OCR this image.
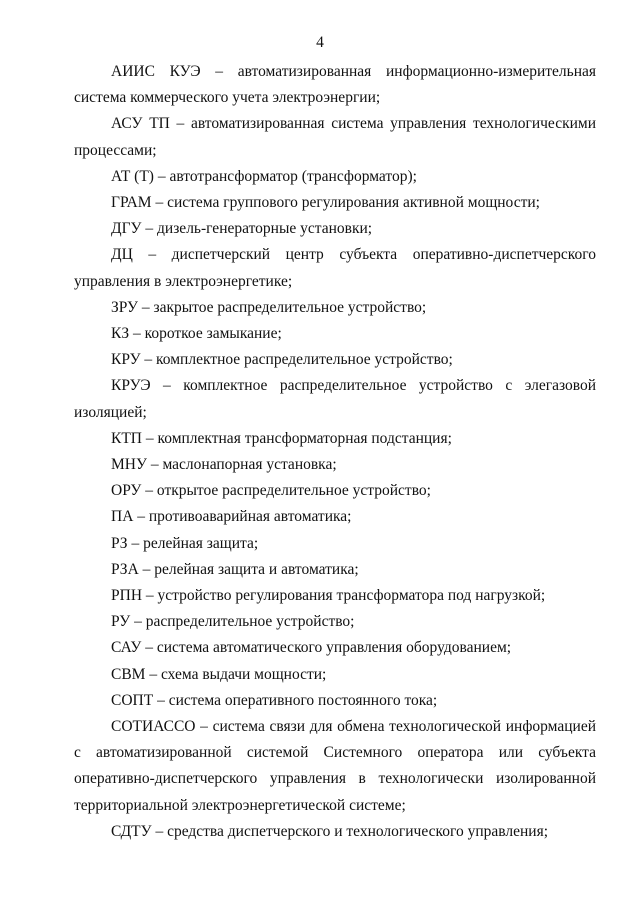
4

АИИС КУЭ – автоматизированная информационно-измерительная система коммерческого учета электроэнергии;

АСУ ТП – автоматизированная система управления технологическими процессами;

АТ (Т) – автотрансформатор (трансформатор);

ГРАМ – система группового регулирования активной мощности;

ДГУ – дизель-генераторные установки;

ДЦ – диспетчерский центр субъекта оперативно-диспетчерского управления в электроэнергетике;

ЗРУ – закрытое распределительное устройство;

КЗ – короткое замыкание;

КРУ – комплектное распределительное устройство;

КРУЭ – комплектное распределительное устройство с элегазовой изоляцией;

КТП – комплектная трансформаторная подстанция;

МНУ – маслонапорная установка;

ОРУ – открытое распределительное устройство;

ПА – противоаварийная автоматика;

РЗ – релейная защита;

РЗА – релейная защита и автоматика;

РПН – устройство регулирования трансформатора под нагрузкой;

РУ – распределительное устройство;

САУ – система автоматического управления оборудованием;

СВМ – схема выдачи мощности;

СОПТ – система оперативного постоянного тока;

СОТИАССО – система связи для обмена технологической информацией с автоматизированной системой Системного оператора или субъекта оперативно-диспетчерского управления в технологически изолированной территориальной электроэнергетической системе;

СДТУ – средства диспетчерского и технологического управления;
